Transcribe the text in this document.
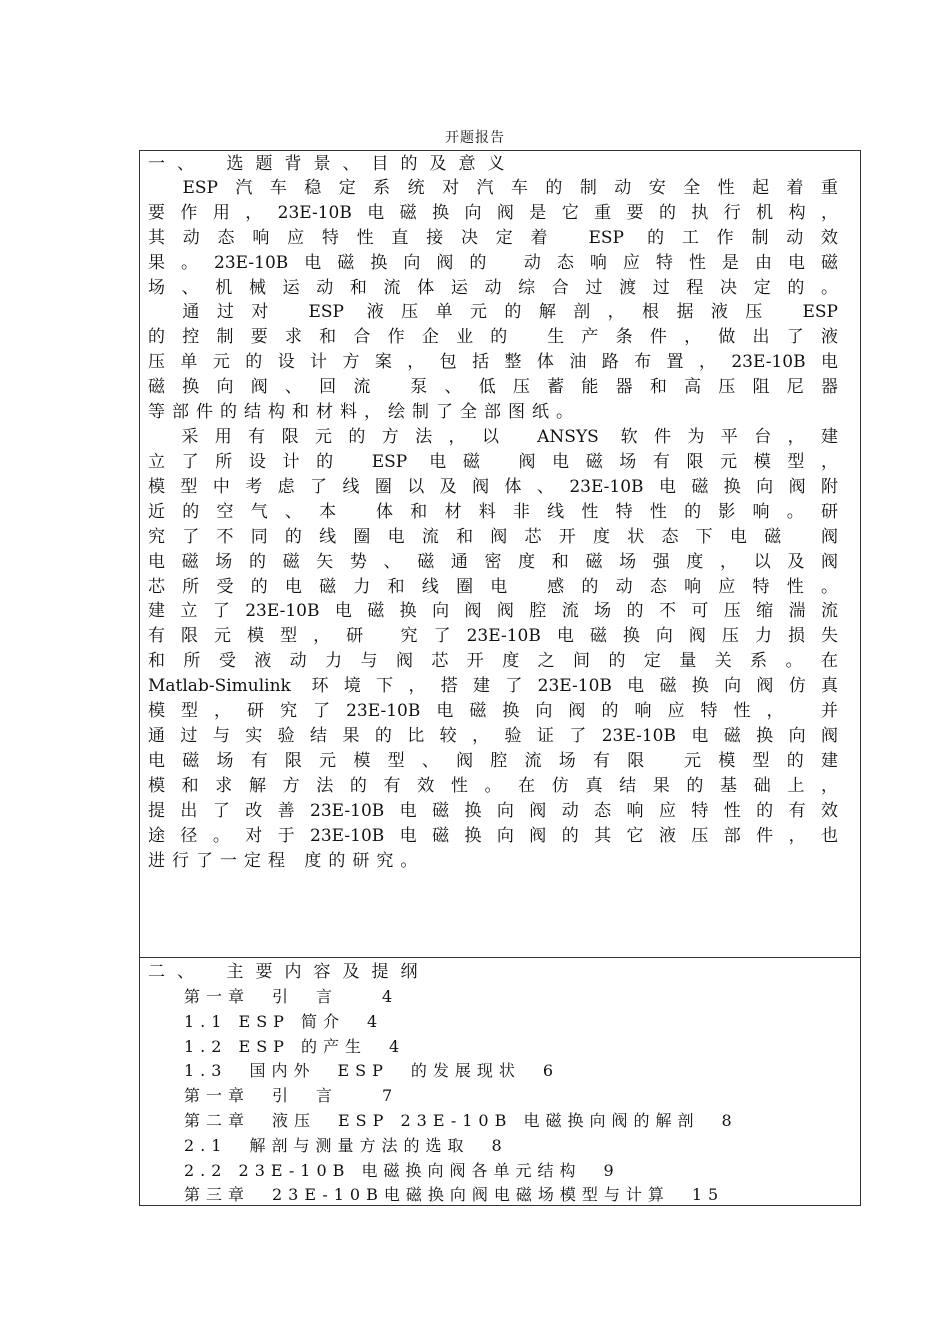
开题报告
一、　选题背景、目的及意义
　ESP汽车稳定系统对汽车的制动安全性起着重
要作用，23E-10B电磁换向阀是它重要的执行机构，
其动态响应特性直接决定着 ESP 的工作制动效
果。23E-10B电磁换向阀的 动态响应特性是由电磁
场、机械运动和流体运动综合过渡过程决定的。
　通过对 ESP 液压单元的解剖，根据液压 ESP
的控制要求和合作企业的 生产条件，做出了液
压单元的设计方案，包括整体油路布置，23E-10B电
磁换向阀、回流 泵、低压蓄能器和高压阻尼器
等部件的结构和材料，绘制了全部图纸。
　采用有限元的方法，以 ANSYS 软件为平台，建
立了所设计的 ESP 电磁 阀电磁场有限元模型，
模型中考虑了线圈以及阀体、23E-10B电磁换向阀附
近的空气、本 体和材料非线性特性的影响。研
究了不同的线圈电流和阀芯开度状态下电磁 阀
电磁场的磁矢势、磁通密度和磁场强度，以及阀
芯所受的电磁力和线圈电 感的动态响应特性。
建立了23E-10B电磁换向阀阀腔流场的不可压缩湍流
有限元模型，研 究了23E-10B电磁换向阀压力损失
和所受液动力与阀芯开度之间的定量关系。在
Matlab-Simulink 环境下，搭建了23E-10B电磁换向阀仿真
模型，研究了23E-10B电磁换向阀的响应特性， 并
通过与实验结果的比较，验证了23E-10B电磁换向阀
电磁场有限元模型、阀腔流场有限 元模型的建
模和求解方法的有效性。在仿真结果的基础上，
提出了改善23E-10B电磁换向阀动态响应特性的有效
途径。对于23E-10B电磁换向阀的其它液压部件，也
进行了一定程 度的研究。
二、　主要内容及提纲
第一章　引　言　　4
1.1 ESP 简介　4
1.2 ESP 的产生　4
1.3　国内外　ESP　的发展现状　6
第一章　引　言　　7
第二章　液压　ESP 23E-10B 电磁换向阀的解剖　8
2.1　解剖与测量方法的选取　8
2.2 23E-10B 电磁换向阀各单元结构　9
第三章　23E-10B电磁换向阀电磁场模型与计算　15
